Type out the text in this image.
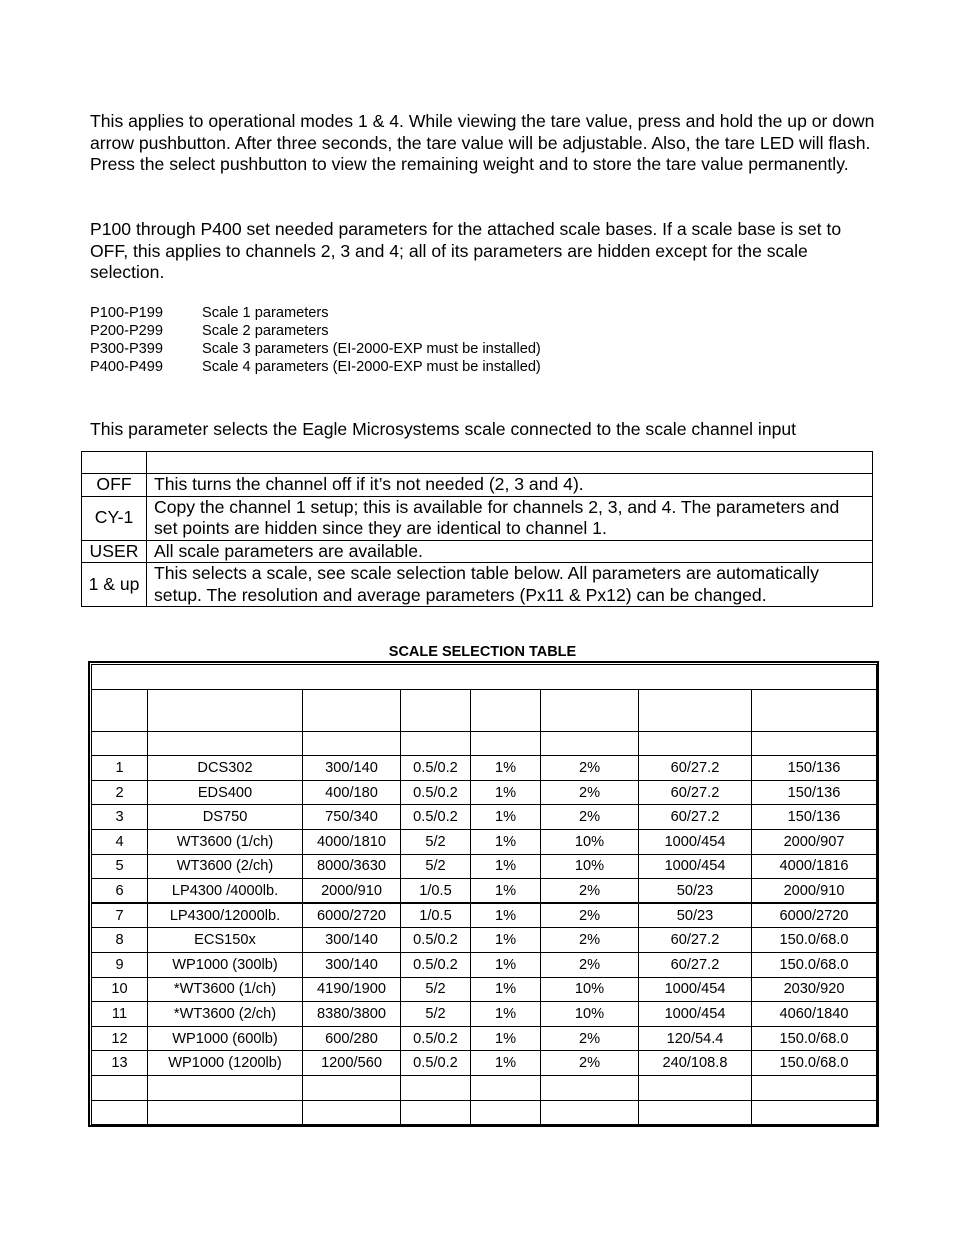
This applies to operational modes 1 & 4. While viewing the tare value, press and hold the up or down arrow pushbutton. After three seconds, the tare value will be adjustable. Also, the tare LED will flash. Press the select pushbutton to view the remaining weight and to store the tare value permanently.

P100 through P400 set needed parameters for the attached scale bases. If a scale base is set to OFF, this applies to channels 2, 3 and 4; all of its parameters are hidden except for the scale selection.

P100-P199	Scale 1 parameters
P200-P299	Scale 2 parameters
P300-P399	Scale 3 parameters (EI-2000-EXP must be installed)
P400-P499	Scale 4 parameters (EI-2000-EXP must be installed)

This parameter selects the Eagle Microsystems scale connected to the scale channel input

OFF	This turns the channel off if it’s not needed (2, 3 and 4).
CY-1	Copy the channel 1 setup; this is available for channels 2, 3, and 4. The parameters and set points are hidden since they are identical to channel 1.
USER	All scale parameters are available.
1 & up	This selects a scale, see scale selection table below. All parameters are automatically setup. The resolution and average parameters (Px11 & Px12) can be changed.
SCALE SELECTION TABLE

1	DCS302	300/140	0.5/0.2	1%	2%	60/27.2	150/136
2	EDS400	400/180	0.5/0.2	1%	2%	60/27.2	150/136
3	DS750	750/340	0.5/0.2	1%	2%	60/27.2	150/136
4	WT3600 (1/ch)	4000/1810	5/2	1%	10%	1000/454	2000/907
5	WT3600 (2/ch)	8000/3630	5/2	1%	10%	1000/454	4000/1816
6	LP4300 /4000lb.	2000/910	1/0.5	1%	2%	50/23	2000/910
7	LP4300/12000lb.	6000/2720	1/0.5	1%	2%	50/23	6000/2720
8	ECS150x	300/140	0.5/0.2	1%	2%	60/27.2	150.0/68.0
9	WP1000 (300lb)	300/140	0.5/0.2	1%	2%	60/27.2	150.0/68.0
10	*WT3600 (1/ch)	4190/1900	5/2	1%	10%	1000/454	2030/920
11	*WT3600 (2/ch)	8380/3800	5/2	1%	10%	1000/454	4060/1840
12	WP1000 (600lb)	600/280	0.5/0.2	1%	2%	120/54.4	150.0/68.0
13	WP1000 (1200lb)	1200/560	0.5/0.2	1%	2%	240/108.8	150.0/68.0
